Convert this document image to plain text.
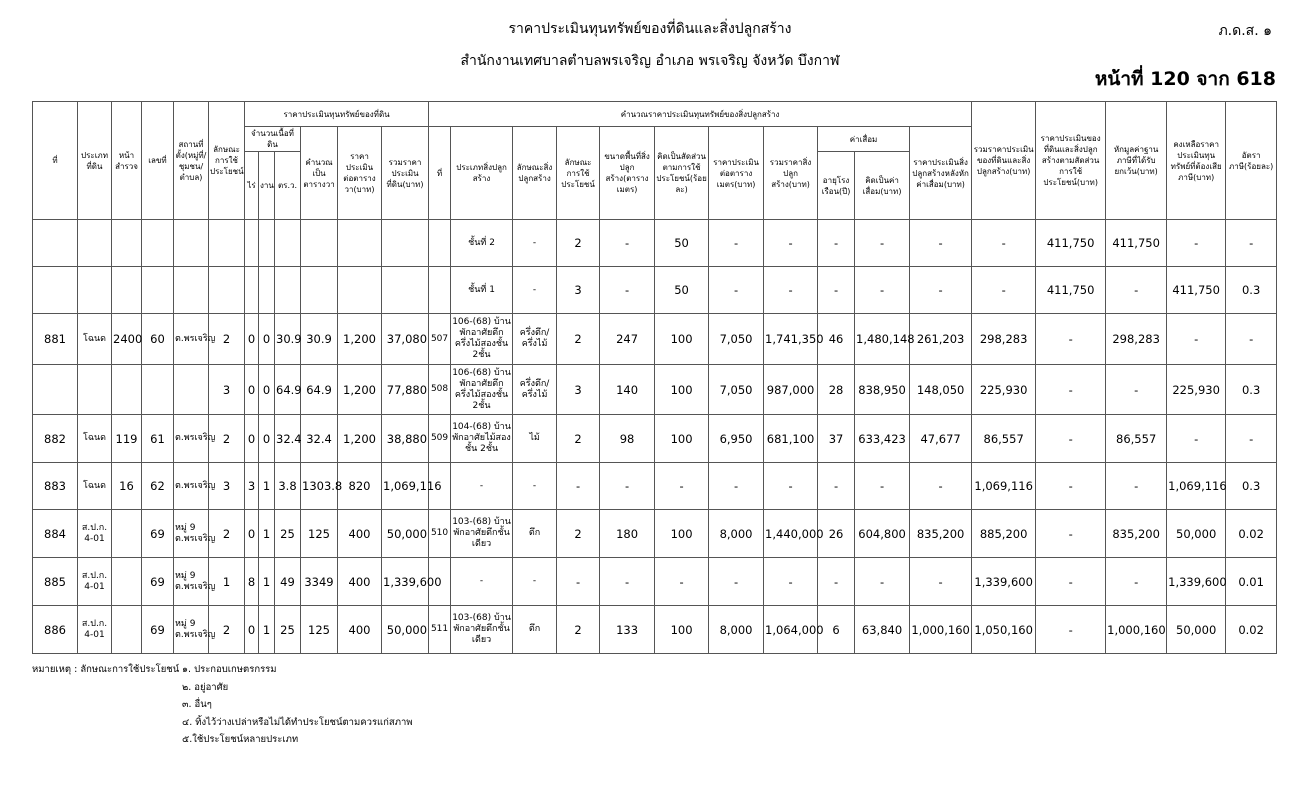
ราคาประเมินทุนทรัพย์ของที่ดินและสิ่งปลูกสร้าง
สำนักงานเทศบาลตำบลพรเจริญ อำเภอ พรเจริญ จังหวัด บึงกาฬ
ภ.ด.ส. ๑
หน้าที่ 120 จาก 618
ที่	ประเภทที่ดิน	หน้าสำรวจ	เลขที่	สถานที่ตั้ง(หมู่ที่/ชุมชน/ตำบล)	ลักษณะการใช้ประโยชน์	ราคาประเมินทุนทรัพย์ของที่ดิน						คำนวณราคาประเมินทุนทรัพย์ของสิ่งปลูกสร้าง											รวมราคาประเมินของที่ดินและสิ่งปลูกสร้าง(บาท)	ราคาประเมินของที่ดินและสิ่งปลูกสร้างตามสัดส่วนการใช้ประโยชน์(บาท)	หักมูลค่าฐานภาษีที่ได้รับยกเว้น(บาท)	คงเหลือราคาประเมินทุนทรัพย์ที่ต้องเสียภาษี(บาท)	อัตราภาษี(ร้อยละ)
						จำนวนเนื้อที่ดิน			คำนวณเป็นตารางวา	ราคาประเมินต่อตารางวา(บาท)	รวมราคาประเมินที่ดิน(บาท)	ที่	ประเภทสิ่งปลูกสร้าง	ลักษณะสิ่งปลูกสร้าง	ลักษณะการใช้ประโยชน์	ขนาดพื้นที่สิ่งปลูกสร้าง(ตารางเมตร)	คิดเป็นสัดส่วนตามการใช้ประโยชน์(ร้อยละ)	ราคาประเมินต่อตารางเมตร(บาท)	รวมราคาสิ่งปลูกสร้าง(บาท)	ค่าเสื่อม		ราคาประเมินสิ่งปลูกสร้างหลังหักค่าเสื่อม(บาท)					
						ไร่	งาน	ตร.ว.												อายุโรงเรือน(ปี)	คิดเป็นค่าเสื่อม(บาท)						
													ชั้นที่ 2	-	2	-	50	-	-	-	-	-	-	411,750	411,750	-	-
													ชั้นที่ 1	-	3	-	50	-	-	-	-	-	-	411,750	-	411,750	0.3
881	โฉนด	2400	60	ต.พรเจริญ	2	0	0	30.9	30.9	1,200	37,080	507	106-(68) บ้านพักอาศัยตึกครึ่งไม้สองชั้น 2ชั้น	ครึ่งตึก/ครึ่งไม้	2	247	100	7,050	1,741,350	46	1,480,148	261,203	298,283	-	298,283	-	-
					3	0	0	64.9	64.9	1,200	77,880	508	106-(68) บ้านพักอาศัยตึกครึ่งไม้สองชั้น 2ชั้น	ครึ่งตึก/ครึ่งไม้	3	140	100	7,050	987,000	28	838,950	148,050	225,930	-	-	225,930	0.3
882	โฉนด	119	61	ต.พรเจริญ	2	0	0	32.4	32.4	1,200	38,880	509	104-(68) บ้านพักอาศัยไม้สองชั้น 2ชั้น	ไม้	2	98	100	6,950	681,100	37	633,423	47,677	86,557	-	86,557	-	-
883	โฉนด	16	62	ต.พรเจริญ	3	3	1	3.8	1303.8	820	1,069,116		-	-	-	-	-	-	-	-	-	-	1,069,116	-	-	1,069,116	0.3
884	ส.ป.ก. 4-01		69	หมู่ 9 ต.พรเจริญ	2	0	1	25	125	400	50,000	510	103-(68) บ้านพักอาศัยตึกชั้นเดียว	ตึก	2	180	100	8,000	1,440,000	26	604,800	835,200	885,200	-	835,200	50,000	0.02
885	ส.ป.ก. 4-01		69	หมู่ 9 ต.พรเจริญ	1	8	1	49	3349	400	1,339,600		-	-	-	-	-	-	-	-	-	-	1,339,600	-	-	1,339,600	0.01
886	ส.ป.ก. 4-01		69	หมู่ 9 ต.พรเจริญ	2	0	1	25	125	400	50,000	511	103-(68) บ้านพักอาศัยตึกชั้นเดียว	ตึก	2	133	100	8,000	1,064,000	6	63,840	1,000,160	1,050,160	-	1,000,160	50,000	0.02
หมายเหตุ : ลักษณะการใช้ประโยชน์ ๑. ประกอบเกษตรกรรม
๒. อยู่อาศัย
๓. อื่นๆ
๔. ทิ้งไว้ว่างเปล่าหรือไม่ได้ทำประโยชน์ตามควรแก่สภาพ
๕.ใช้ประโยชน์หลายประเภท
